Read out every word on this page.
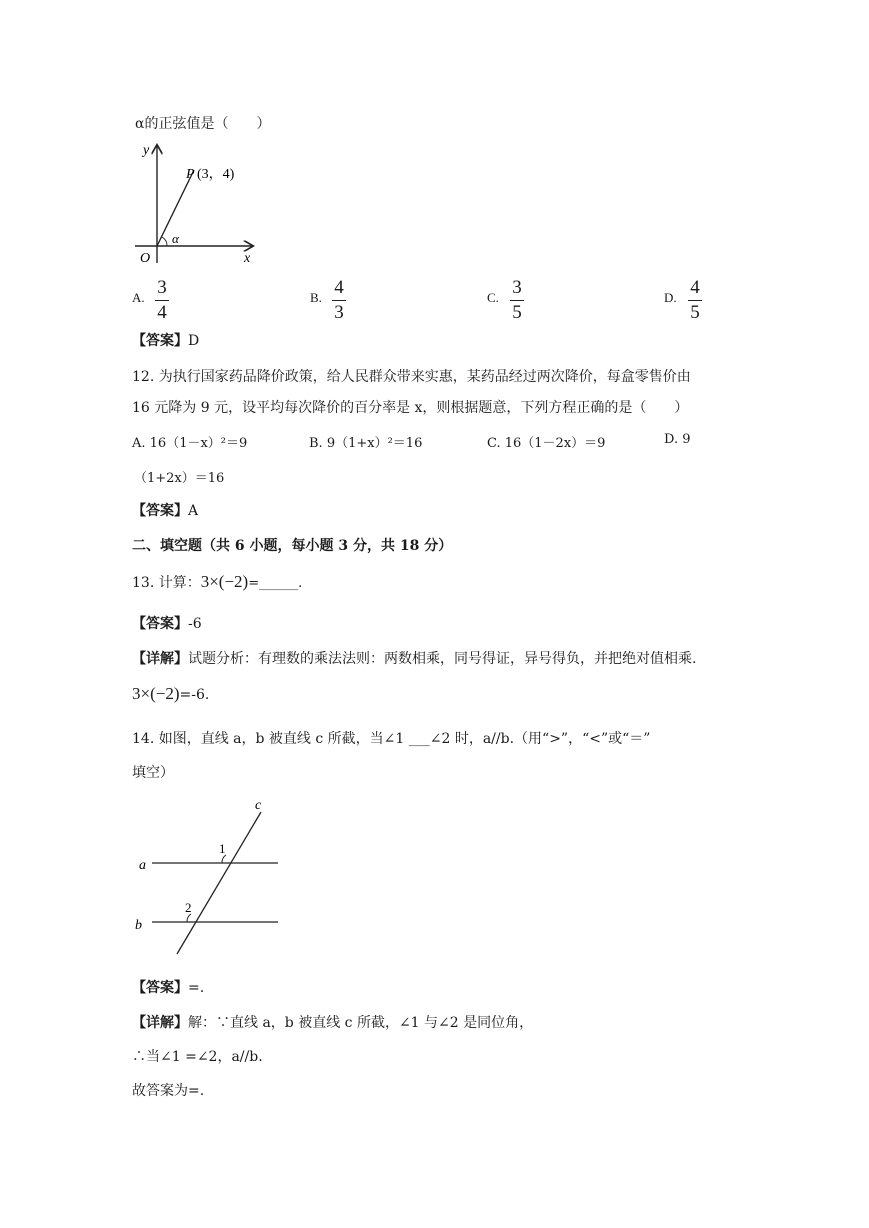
α的正弦值是（　　）
y
x
O
P (3，4)
α
A. 3
4
B. 4
3
C. 3
5
D. 4
5
【答案】D
12. 为执行国家药品降价政策，给人民群众带来实惠，某药品经过两次降价，每盒零售价由
16 元降为 9 元，设平均每次降价的百分率是 x，则根据题意，下列方程正确的是（　　）
A. 16（1－x）²＝9	B. 9（1+x）²＝16	C. 16（1－2x）＝9	D. 9
（1+2x）＝16
【答案】A
二、填空题（共 6 小题，每小题 3 分，共 18 分）
13. 计算：3×(−2)=______.
【答案】-6
【详解】试题分析：有理数的乘法法则：两数相乘，同号得证，异号得负，并把绝对值相乘.
3×(−2)=-6.
14. 如图，直线 a，b 被直线 c 所截，当∠1 ___∠2 时，a//b.（用“>”，“<”或“＝”
填空）
a
b
c
1
2
【答案】=.
【详解】解：∵直线 a，b 被直线 c 所截，∠1 与∠2 是同位角，
∴当∠1 =∠2，a//b.
故答案为=.
